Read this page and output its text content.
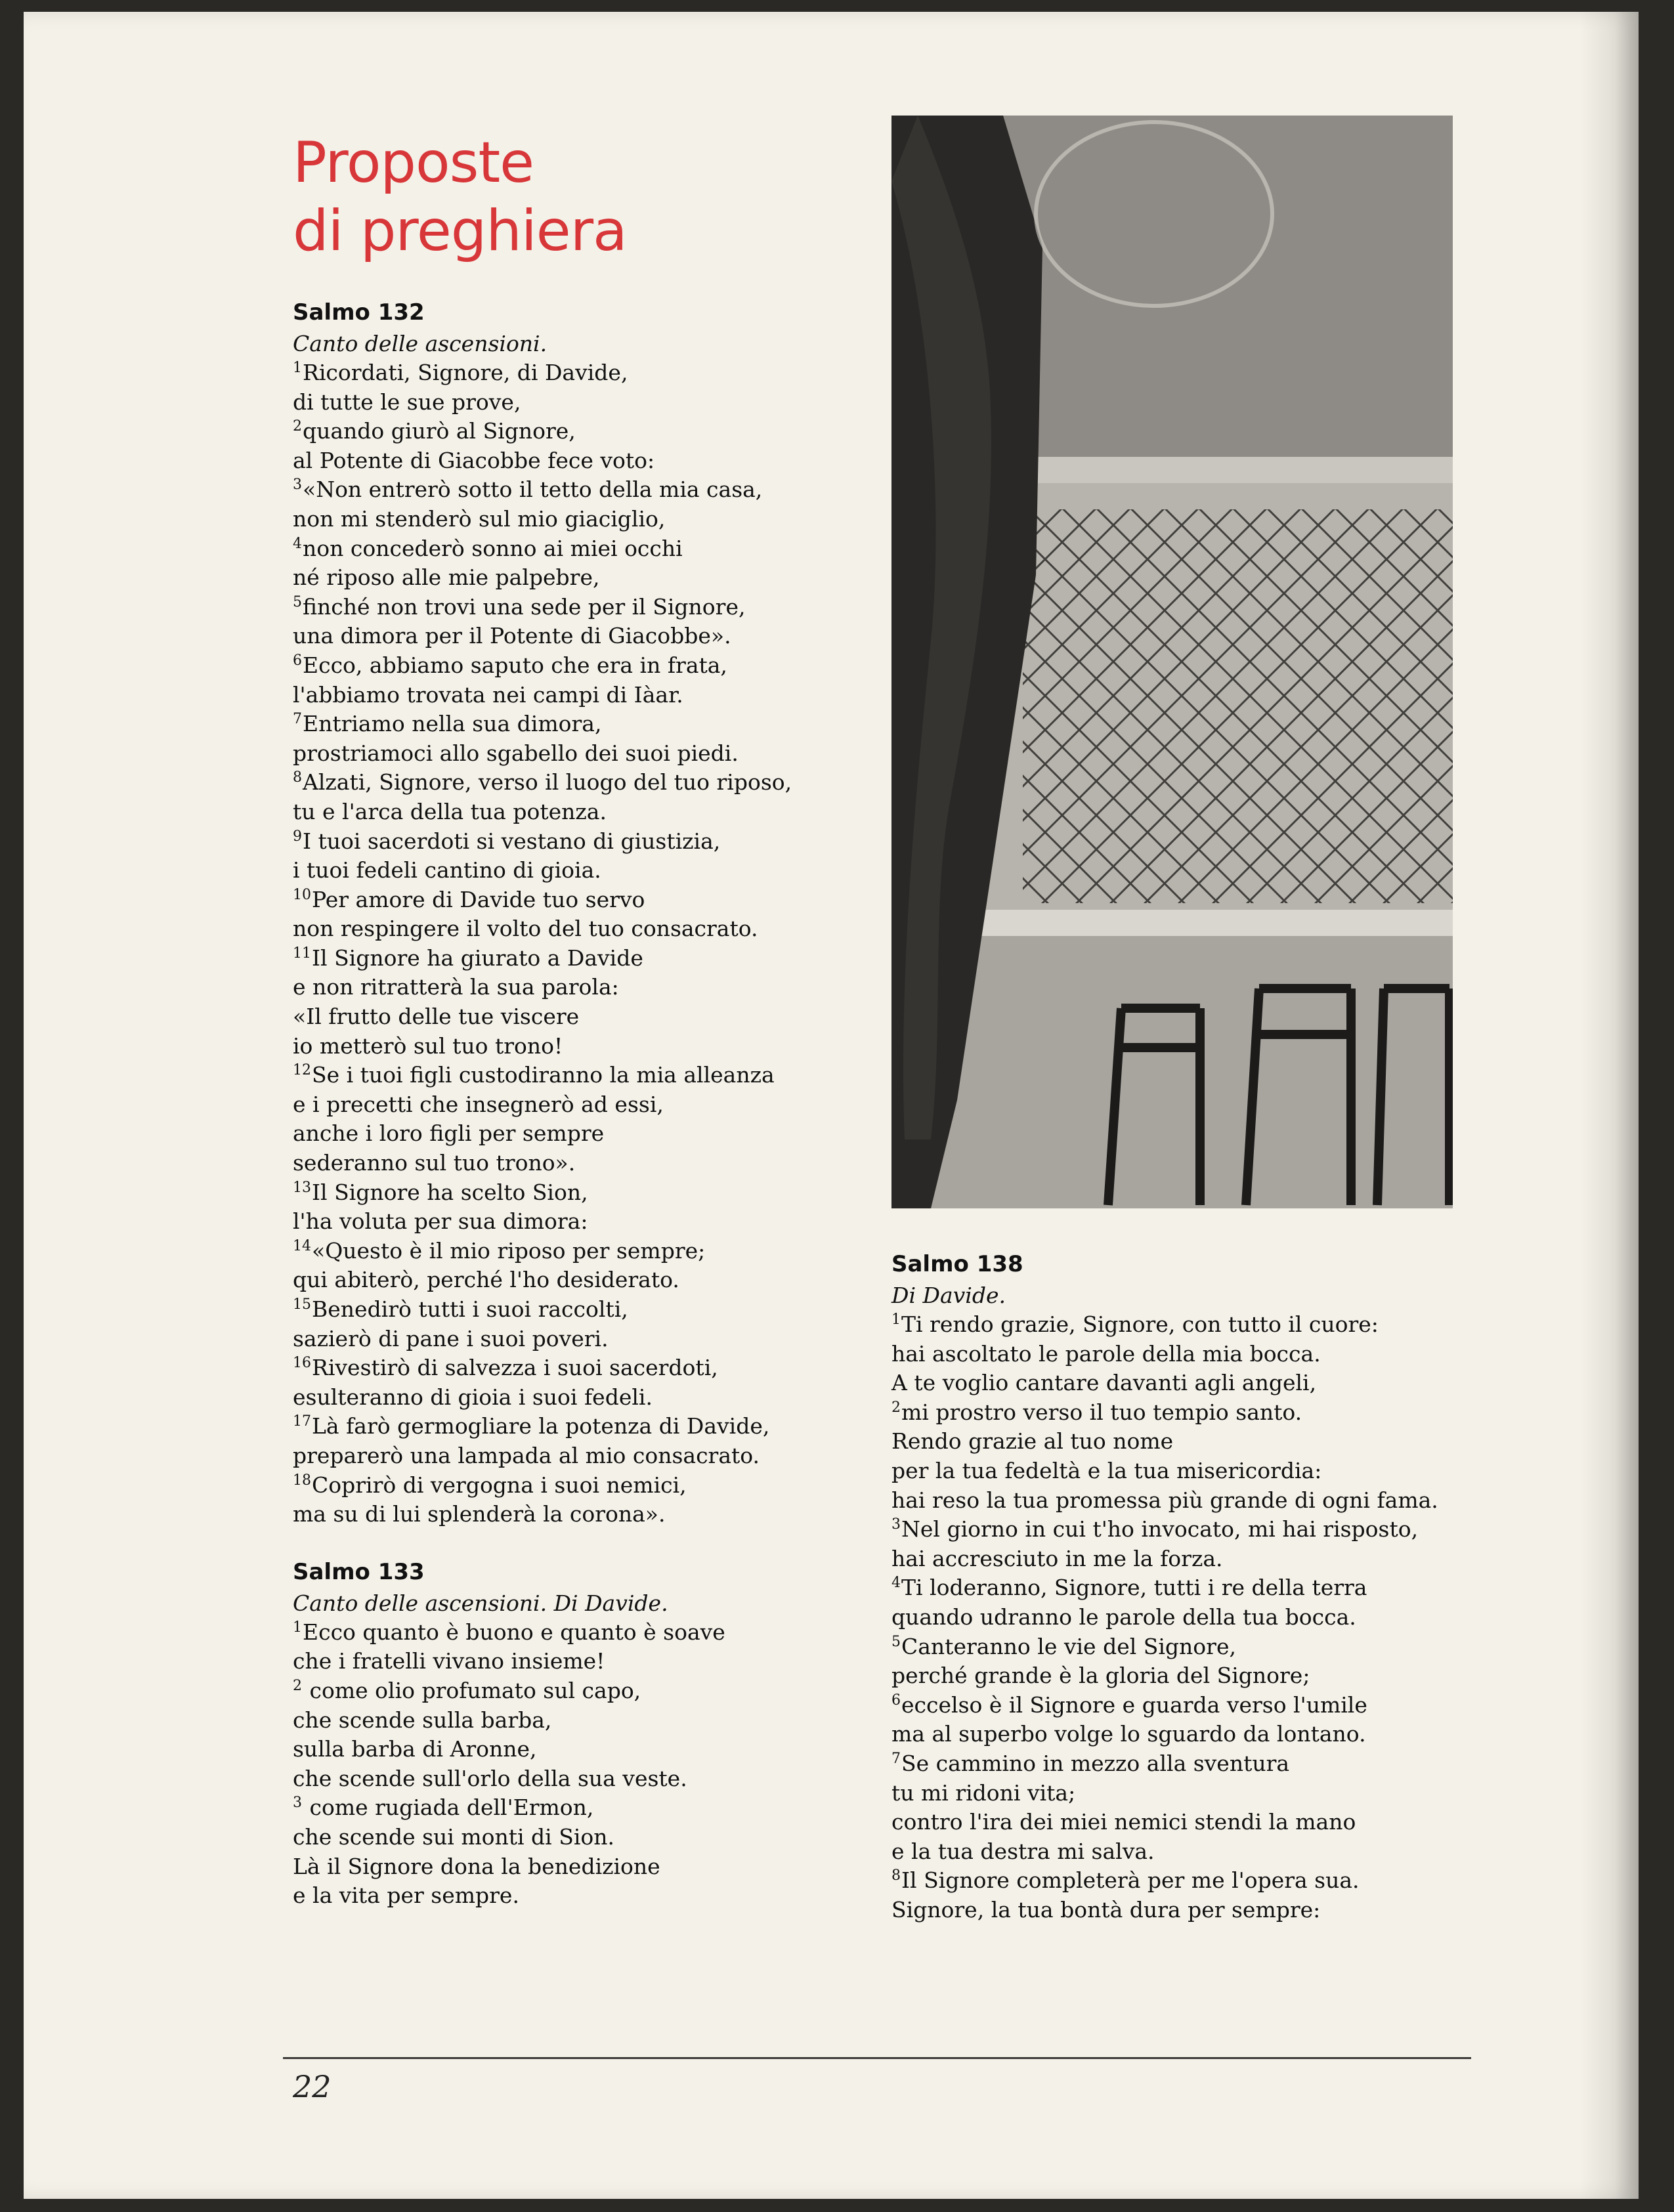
Proposte
di preghiera
Salmo 132

Canto delle ascensioni.

$^1$Ricordati, Signore, di Davide,

di tutte le sue prove,

$^2$quando giurò al Signore,

al Potente di Giacobbe fece voto:

$^3$«Non entrerò sotto il tetto della mia casa,

non mi stenderò sul mio giaciglio,

$^4$non concederò sonno ai miei occhi

né riposo alle mie palpebre,

$^5$finché non trovi una sede per il Signore,

una dimora per il Potente di Giacobbe».

$^6$Ecco, abbiamo saputo che era in frata,

l'abbiamo trovata nei campi di Iàar.

$^7$Entriamo nella sua dimora,

prostriamoci allo sgabello dei suoi piedi.

$^8$Alzati, Signore, verso il luogo del tuo riposo,

tu e l'arca della tua potenza.

$^9$I tuoi sacerdoti si vestano di giustizia,

i tuoi fedeli cantino di gioia.

$^{10}$Per amore di Davide tuo servo

non respingere il volto del tuo consacrato.

$^{11}$Il Signore ha giurato a Davide

e non ritratterà la sua parola:

«Il frutto delle tue viscere

io metterò sul tuo trono!

$^{12}$Se i tuoi figli custodiranno la mia alleanza

e i precetti che insegnerò ad essi,

anche i loro figli per sempre

sederanno sul tuo trono».

$^{13}$Il Signore ha scelto Sion,

l'ha voluta per sua dimora:

$^{14}$«Questo è il mio riposo per sempre;

qui abiterò, perché l'ho desiderato.

$^{15}$Benedirò tutti i suoi raccolti,

sazierò di pane i suoi poveri.

$^{16}$Rivestirò di salvezza i suoi sacerdoti,

esulteranno di gioia i suoi fedeli.

$^{17}$Là farò germogliare la potenza di Davide,

preparerò una lampada al mio consacrato.

$^{18}$Coprirò di vergogna i suoi nemici,

ma su di lui splenderà la corona».

Salmo 133

Canto delle ascensioni. Di Davide.

$^1$Ecco quanto è buono e quanto è soave

che i fratelli vivano insieme!

$^2$ come olio profumato sul capo,

che scende sulla barba,

sulla barba di Aronne,

che scende sull'orlo della sua veste.

$^3$ come rugiada dell'Ermon,

che scende sui monti di Sion.

Là il Signore dona la benedizione

e la vita per sempre.

Salmo 138

Di Davide.

$^1$Ti rendo grazie, Signore, con tutto il cuore:

hai ascoltato le parole della mia bocca.

A te voglio cantare davanti agli angeli,

$^2$mi prostro verso il tuo tempio santo.

Rendo grazie al tuo nome

per la tua fedeltà e la tua misericordia:

hai reso la tua promessa più grande di ogni fama.

$^3$Nel giorno in cui t'ho invocato, mi hai risposto,

hai accresciuto in me la forza.

$^4$Ti loderanno, Signore, tutti i re della terra

quando udranno le parole della tua bocca.

$^5$Canteranno le vie del Signore,

perché grande è la gloria del Signore;

$^6$eccelso è il Signore e guarda verso l'umile

ma al superbo volge lo sguardo da lontano.

$^7$Se cammino in mezzo alla sventura

tu mi ridoni vita;

contro l'ira dei miei nemici stendi la mano

e la tua destra mi salva.

$^8$Il Signore completerà per me l'opera sua.

Signore, la tua bontà dura per sempre:

22
